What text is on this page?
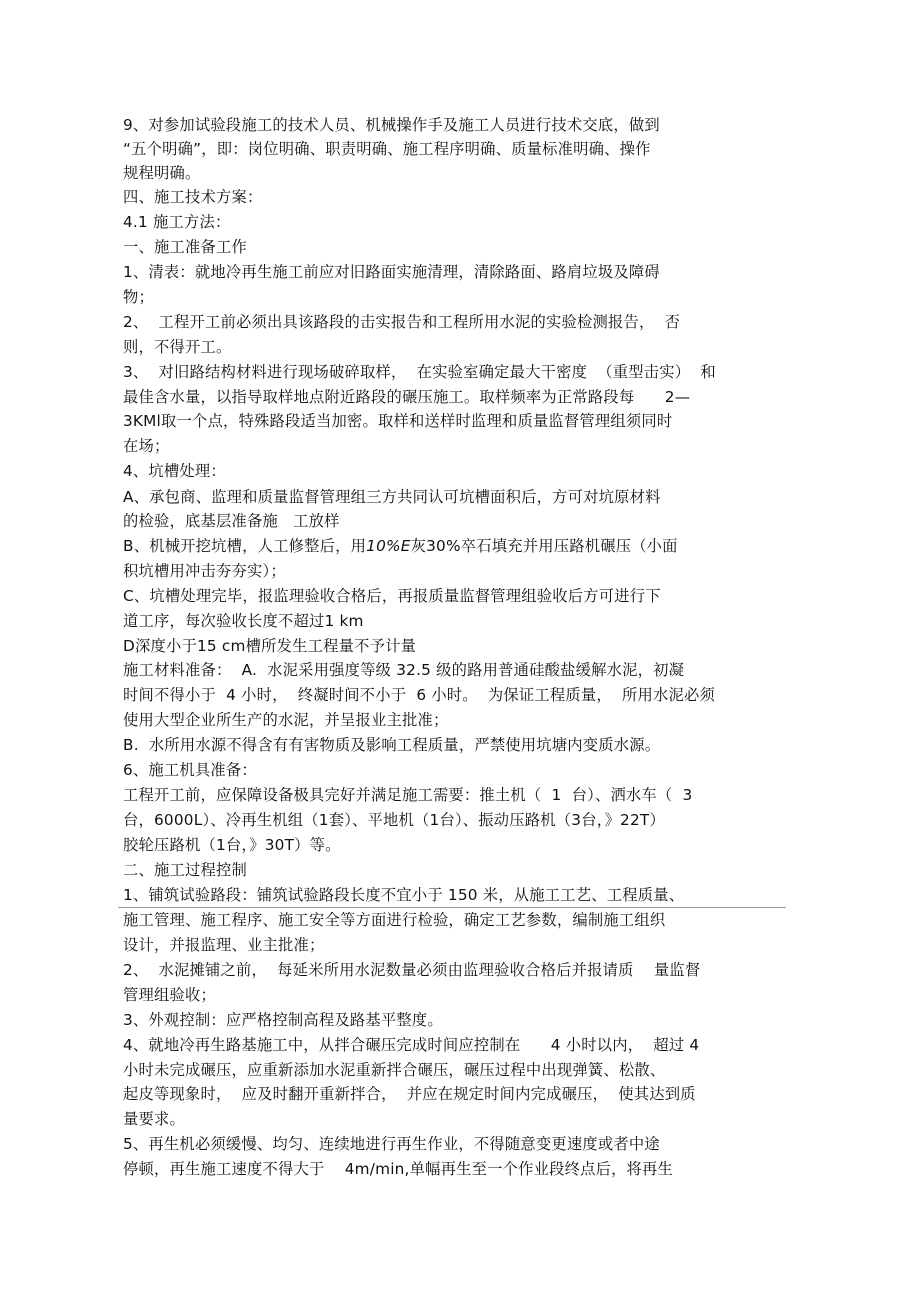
9、对参加试验段施工的技术人员、机械操作手及施工人员进行技术交底，做到
“五个明确”，即：岗位明确、职责明确、施工程序明确、质量标准明确、操作
规程明确。
四、施工技术方案：
4.1 施工方法：
一、施工准备工作
1、清表：就地冷再生施工前应对旧路面实施清理，清除路面、路肩垃圾及障碍
物；
2、  工程开工前必须出具该路段的击实报告和工程所用水泥的实验检测报告，  否
则，不得开工。
3、  对旧路结构材料进行现场破碎取样，  在实验室确定最大干密度  （重型击实）  和
最佳含水量，以指导取样地点附近路段的碾压施工。取样频率为正常路段每      2—
3KMl取一个点，特殊路段适当加密。取样和送样时监理和质量监督管理组须同时
在场；
4、坑槽处理：
A、承包商、监理和质量监督管理组三方共同认可坑槽面积后，方可对坑原材料
的检验，底基层准备施   工放样
B、机械开挖坑槽，人工修整后，用10%E灰30%卒石填充并用压路机碾压（小面
积坑槽用冲击夯夯实）；
C、坑槽处理完毕，报监理验收合格后，再报质量监督管理组验收后方可进行下
道工序，每次验收长度不超过1 km
D深度小于15 cm槽所发生工程量不予计量
施工材料准备：  A.  水泥采用强度等级 32.5 级的路用普通硅酸盐缓解水泥，初凝
时间不得小于  4 小时，  终凝时间不小于  6 小时。  为保证工程质量，  所用水泥必须
使用大型企业所生产的水泥，并呈报业主批准；
B.  水所用水源不得含有有害物质及影响工程质量，严禁使用坑塘内变质水源。
6、施工机具准备：
工程开工前，应保障设备极具完好并满足施工需要：推土机（  1  台）、洒水车（  3
台，6000L）、冷再生机组（1套）、平地机（1台）、振动压路机（3台，》22T）
胶轮压路机（1台，》30T）等。
二、施工过程控制
1、铺筑试验路段：铺筑试验路段长度不宜小于 150 米，从施工工艺、工程质量、
施工管理、施工程序、施工安全等方面进行检验，确定工艺参数，编制施工组织
设计，并报监理、业主批准；
2、  水泥摊铺之前，  每延米所用水泥数量必须由监理验收合格后并报请质    量监督
管理组验收；
3、外观控制：应严格控制高程及路基平整度。
4、就地冷再生路基施工中，从拌合碾压完成时间应控制在      4 小时以内，  超过 4
小时未完成碾压，应重新添加水泥重新拌合碾压，碾压过程中出现弹簧、松散、
起皮等现象时，  应及时翻开重新拌合，  并应在规定时间内完成碾压，  使其达到质
量要求。
5、再生机必须缓慢、均匀、连续地进行再生作业，不得随意变更速度或者中途
停顿，再生施工速度不得大于    4m/min,单幅再生至一个作业段终点后，将再生
